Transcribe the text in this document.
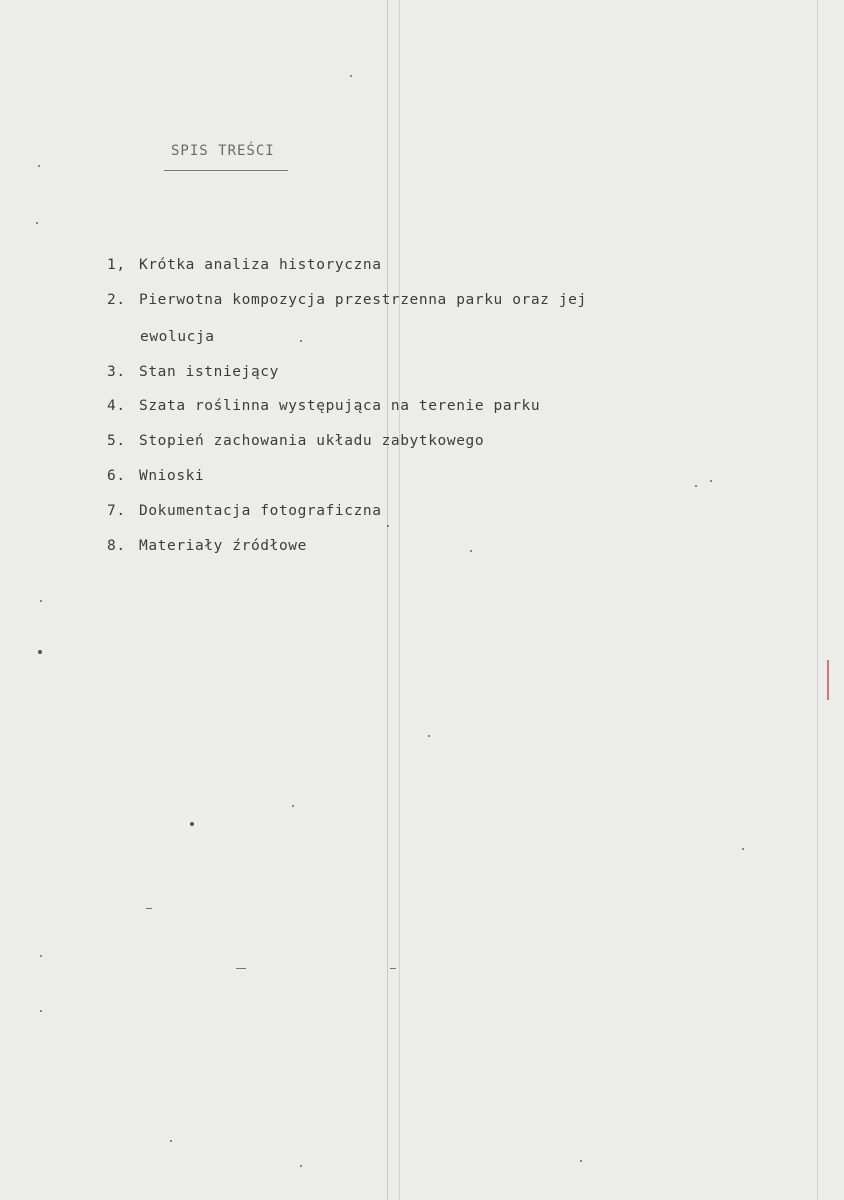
SPIS TREŚCI
1, Krótka analiza historyczna
2. Pierwotna kompozycja przestrzenna parku oraz jej
ewolucja
3. Stan istniejący
4. Szata roślinna występująca na terenie parku
5. Stopień zachowania układu zabytkowego
6. Wnioski
7. Dokumentacja fotograficzna
8. Materiały źródłowe
